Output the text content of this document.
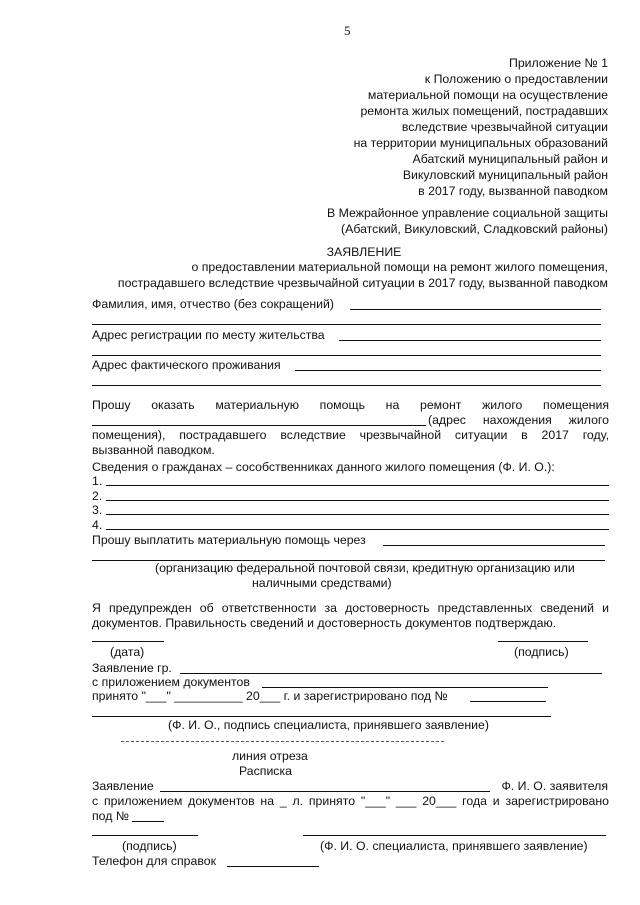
5
Приложение № 1
к Положению о предоставлении
материальной помощи на осуществление
ремонта жилых помещений, пострадавших
вследствие чрезвычайной ситуации
на территории муниципальных образований
Абатский муниципальный район и
Викуловский муниципальный район
в 2017 году, вызванной паводком
В Межрайонное управление социальной защиты
(Абатский, Викуловский, Сладковский районы)
ЗАЯВЛЕНИЕ
о предоставлении материальной помощи на ремонт жилого помещения,
пострадавшего вследствие чрезвычайной ситуации в 2017 году, вызванной паводком
Фамилия, имя, отчество (без сокращений)
Адрес регистрации по месту жительства
Адрес фактического проживания
Прошу оказать материальную помощь на ремонт жилого помещения
(адрес нахождения жилого
помещения), пострадавшего вследствие чрезвычайной ситуации в 2017 году,
вызванной паводком.
Сведения о гражданах – сособственниках данного жилого помещения (Ф. И. О.):
1.
2.
3.
4.
Прошу выплатить материальную помощь через
(организацию федеральной почтовой связи, кредитную организацию или
наличными средствами)
Я предупрежден об ответственности за достоверность представленных сведений и
документов. Правильность сведений и достоверность документов подтверждаю.
(дата)	(подпись)
Заявление гр.
с приложением документов
принято "___" __________ 20___ г. и зарегистрировано под №
(Ф. И. О., подпись специалиста, принявшего заявление)
линия отреза
Расписка
Заявление	Ф. И. О. заявителя
с приложением документов на _ л. принято "___" ___ 20___ года и зарегистрировано
под №
(подпись)	(Ф. И. О. специалиста, принявшего заявление)
Телефон для справок
